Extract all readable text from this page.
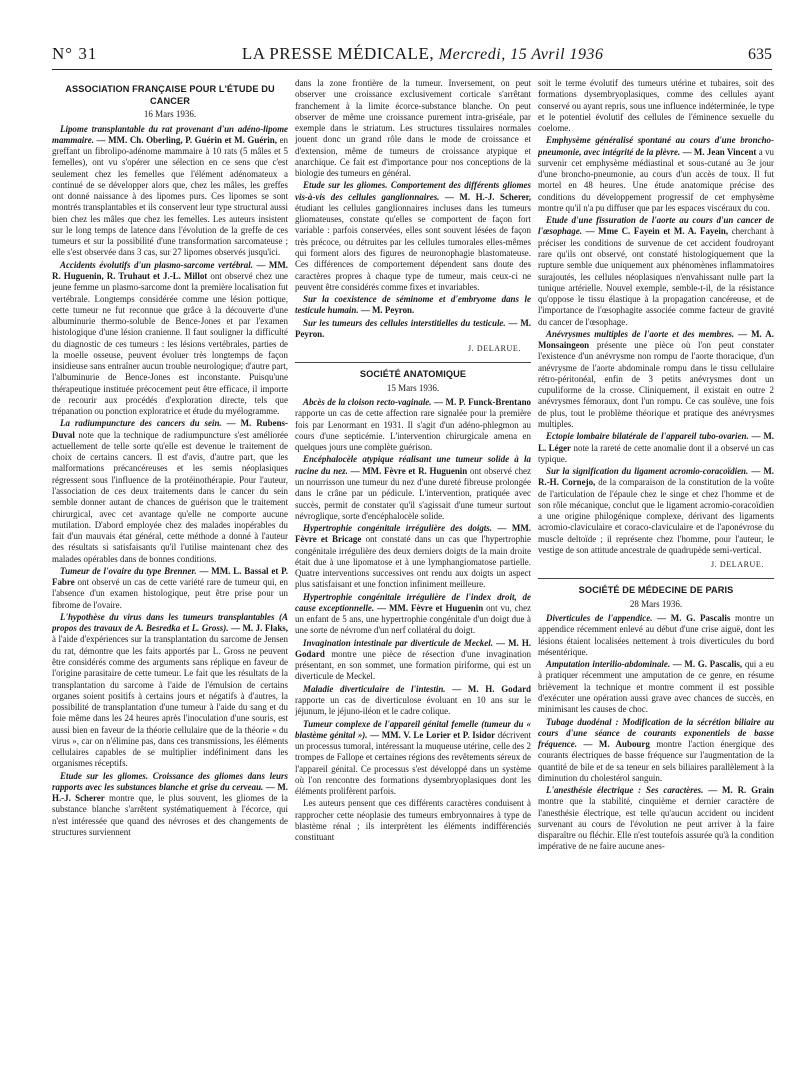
N° 31	LA PRESSE MÉDICALE, Mercredi, 15 Avril 1936	635
ASSOCIATION FRANÇAISE POUR L'ÉTUDE DU CANCER
16 Mars 1936.

Lipome transplantable du rat provenant d'un adéno-lipome mammaire. — MM. Ch. Oberling, P. Guérin et M. Guérin, en greffant un fibrolipo-adénome mammaire à 10 rats (5 mâles et 5 femelles), ont vu s'opérer une sélection en ce sens que c'est seulement chez les femelles que l'élément adénomateux a continué de se développer alors que, chez les mâles, les greffes ont donné naissance à des lipomes purs. Ces lipomes se sont montrés transplantables et ils conservent leur type structural aussi bien chez les mâles que chez les femelles. Les auteurs insistent sur le long temps de latence dans l'évolution de la greffe de ces tumeurs et sur la possibilité d'une transformation sarcomateuse ; elle s'est observée dans 3 cas, sur 27 lipomes observés jusqu'ici.

Accidents évolutifs d'un plasmo-sarcome vertébral. — MM. R. Huguenin, R. Truhaut et J.-L. Millot ont observé chez une jeune femme un plasmo-sarcome dont la première localisation fut vertébrale. Longtemps considérée comme une lésion pottique, cette tumeur ne fut reconnue que grâce à la découverte d'une albuminurie thermo-soluble de Bence-Jones et par l'examen histologique d'une lésion cranienne. Il faut souligner la difficulté du diagnostic de ces tumeurs : les lésions vertébrales, parties de la moelle osseuse, peuvent évoluer très longtemps de façon insidieuse sans entraîner aucun trouble neurologique; d'autre part, l'albuminurie de Bence-Jones est inconstante. Puisqu'une thérapeutique instituée précocement peut être efficace, il importe de recourir aux procédés d'exploration directe, tels que trépanation ou ponction exploratrice et étude du myélogramme.

La radiumpuncture des cancers du sein. — M. Rubens-Duval note que la technique de radiumpuncture s'est améliorée actuellement de telle sorte qu'elle est devenue le traitement de choix de certains cancers. Il est d'avis, d'autre part, que les malformations précancéreuses et les semis néoplasiques régressent sous l'influence de la protéinothérapie. Pour l'auteur, l'association de ces deux traitements dans le cancer du sein semble donner autant de chances de guérison que le traitement chirurgical, avec cet avantage qu'elle ne comporte aucune mutilation. D'abord employée chez des malades inopérables du fait d'un mauvais état général, cette méthode a donné à l'auteur des résultats si satisfaisants qu'il l'utilise maintenant chez des malades opérables dans de bonnes conditions.

Tumeur de l'ovaire du type Brenner. — MM. L. Bassal et P. Fabre ont observé un cas de cette variété rare de tumeur qui, en l'absence d'un examen histologique, peut être prise pour un fibrome de l'ovaire.

L'hypothèse du virus dans les tumeurs transplantables (A propos des travaux de A. Besredka et L. Gross). — M. J. Flaks, à l'aide d'expériences sur la transplantation du sarcome de Jensen du rat, démontre que les faits apportés par L. Gross ne peuvent être considérés comme des arguments sans réplique en faveur de l'origine parasitaire de cette tumeur. Le fait que les résultats de la transplantation du sarcome à l'aide de l'émulsion de certains organes soient positifs à certains jours et négatifs à d'autres, la possibilité de transplantation d'une tumeur à l'aide du sang et du foie même dans les 24 heures après l'inoculation d'une souris, est aussi bien en faveur de la théorie cellulaire que de la théorie « du virus », car on n'élimine pas, dans ces transmissions, les éléments cellulaires capables de se multiplier indéfiniment dans les organismes réceptifs.

Etude sur les gliomes. Croissance des gliomes dans leurs rapports avec les substances blanche et grise du cerveau. — M. H.-J. Scherer montre que, le plus souvent, les gliomes de la substance blanche s'arrêtent systématiquement à l'écorce, qui n'est intéressée que quand des névroses et des changements de structures surviennent

dans la zone frontière de la tumeur. Inversement, on peut observer une croissance exclusivement corticale s'arrêtant franchement à la limite écorce-substance blanche. On peut observer de même une croissance purement intra-griséale, par exemple dans le striatum. Les structures tissulaires normales jouent donc un grand rôle dans le mode de croissance et d'extension, même de tumeurs de croissance atypique et anarchique. Ce fait est d'importance pour nos conceptions de la biologie des tumeurs en général.

Etude sur les gliomes. Comportement des différents gliomes vis-à-vis des cellules ganglionnaires. — M. H.-J. Scherer, étudiant les cellules ganglionnaires incluses dans les tumeurs gliomateuses, constate qu'elles se comportent de façon fort variable : parfois conservées, elles sont souvent lésées de façon très précoce, ou détruites par les cellules tumorales elles-mêmes qui forment alors des figures de neuronophagie blastomateuse. Ces différences de comportement dépendent sans doute des caractères propres à chaque type de tumeur, mais ceux-ci ne peuvent être considérés comme fixes et invariables.

Sur la coexistence de séminome et d'embryome dans le testicule humain. — M. Peyron.

Sur les tumeurs des cellules interstitielles du testicule. — M. Peyron.

J. DELARUE.
SOCIÉTÉ ANATOMIQUE
15 Mars 1936.

Abcès de la cloison recto-vaginale. — M. P. Funck-Brentano rapporte un cas de cette affection rare signalée pour la première fois par Lenormant en 1931. Il s'agit d'un adéno-phlegmon au cours d'une septicémie. L'intervention chirurgicale amena en quelques jours une complète guérison.

Encéphalocèle atypique réalisant une tumeur solide à la racine du nez. — MM. Fèvre et R. Huguenin ont observé chez un nourrisson une tumeur du nez d'une dureté fibreuse prolongée dans le crâne par un pédicule. L'intervention, pratiquée avec succès, permit de constater qu'il s'agissait d'une tumeur surtout névroglique, sorte d'encéphalocèle solide.

Hypertrophie congénitale irrégulière des doigts. — MM. Fèvre et Bricage ont constaté dans un cas que l'hypertrophie congénitale irrégulière des deux derniers doigts de la main droite était due à une lipomatose et à une lymphangiomatose partielle. Quatre interventions successives ont rendu aux doigts un aspect plus satisfaisant et une fonction infiniment meilleure.

Hypertrophie congénitale irrégulière de l'index droit, de cause exceptionnelle. — MM. Fèvre et Huguenin ont vu, chez un enfant de 5 ans, une hypertrophie congénitale d'un doigt due à une sorte de névrome d'un nerf collatéral du doigt.

Invagination intestinale par diverticule de Meckel. — M. H. Godard montre une pièce de résection d'une invagination présentant, en son sommet, une formation piriforme, qui est un diverticule de Meckel.

Maladie diverticulaire de l'intestin. — M. H. Godard rapporte un cas de diverticulose évoluant en 10 ans sur le jéjunum, le jéjuno-iléon et le cadre colique.

Tumeur complexe de l'appareil génital femelle (tumeur du « blastème génital »). — MM. V. Le Lorier et P. Isidor décrivent un processus tumoral, intéressant la muqueuse utérine, celle des 2 trompes de Fallope et certaines régions des revêtements séreux de l'appareil génital. Ce processus s'est développé dans un système où l'on rencontre des formations dysembryoplasiques dont les éléments prolifèrent parfois.

Les auteurs pensent que ces différents caractères conduisent à rapprocher cette néoplasie des tumeurs embryonnaires à type de blastème rénal ; ils interprètent les éléments indifférenciés constituant

soit le terme évolutif des tumeurs utérine et tubaires, soit des formations dysembryoplasiques, comme des cellules ayant conservé ou ayant repris, sous une influence indéterminée, le type et le potentiel évolutif des cellules de l'éminence sexuelle du coelome.

Emphysème généralisé spontané au cours d'une broncho-pneumonie, avec intégrité de la plèvre. — M. Jean Vincent a vu survenir cet emphysème médiastinal et sous-cutané au 3e jour d'une broncho-pneumonie, au cours d'un accès de toux. Il fut mortel en 48 heures. Une étude anatomique précise des conditions du développement progressif de cet emphysème montre qu'il n'a pu diffuser que par les espaces viscéraux du cou.

Etude d'une fissuration de l'aorte au cours d'un cancer de l'œsophage. — Mme C. Fayein et M. A. Fayein, cherchant à préciser les conditions de survenue de cet accident foudroyant rare qu'ils ont observé, ont constaté histologiquement que la rupture semble due uniquement aux phénomènes inflammatoires surajoutés, les cellules néoplasiques n'envahissant nulle part la tunique artérielle. Nouvel exemple, semble-t-il, de la résistance qu'oppose le tissu élastique à la propagation cancéreuse, et de l'importance de l'œsophagite associée comme facteur de gravité du cancer de l'œsophage.

Anévrysmes multiples de l'aorte et des membres. — M. A. Monsaingeon présente une pièce où l'on peut constater l'existence d'un anévrysme non rompu de l'aorte thoracique, d'un anévrysme de l'aorte abdominale rompu dans le tissu cellulaire rétro-péritonéal, enfin de 3 petits anévrysmes dont un cupuliforme de la crosse. Cliniquement, il existait en outre 2 anévrysmes fémoraux, dont l'un rompu. Ce cas soulève, une fois de plus, tout le problème théorique et pratique des anévrysmes multiples.

Ectopie lombaire bilatérale de l'appareil tubo-ovarien. — M. L. Léger note la rareté de cette anomalie dont il a observé un cas typique.

Sur la signification du ligament acromio-coracoïdien. — M. R.-H. Cornejo, de la comparaison de la constitution de la voûte de l'articulation de l'épaule chez le singe et chez l'homme et de son rôle mécanique, conclut que le ligament acromio-coracoïdien a une origine philogénique complexe, dérivant des ligaments acromio-claviculaire et coraco-claviculaire et de l'aponévrose du muscle deltoïde ; il représente chez l'homme, pour l'auteur, le vestige de son attitude ancestrale de quadrupède semi-vertical.

J. DELARUE.
SOCIÉTÉ DE MÉDECINE DE PARIS
28 Mars 1936.

Diverticules de l'appendice. — M. G. Pascalis montre un appendice récemment enlevé au début d'une crise aiguë, dont les lésions étaient localisées nettement à trois diverticules du bord mésentérique.

Amputation interilio-abdominale. — M. G. Pascalis, qui a eu à pratiquer récemment une amputation de ce genre, en résume brièvement la technique et montre comment il est possible d'exécuter une opération aussi grave avec chances de succès, en minimisant les causes de choc.

Tubage duodénal : Modification de la sécrétion biliaire au cours d'une séance de courants exponentiels de basse fréquence. — M. Aubourg montre l'action énergique des courants électriques de basse fréquence sur l'augmentation de la quantité de bile et de sa teneur en sels biliaires parallèlement à la diminution du cholestérol sanguin.

L'anesthésie électrique : Ses caractères. — M. R. Grain montre que la stabilité, cinquième et dernier caractère de l'anesthésie électrique, est telle qu'aucun accident ou incident survenant au cours de l'évolution ne peut arriver à la faire disparaître ou fléchir. Elle n'est toutefois assurée qu'à la condition impérative de ne faire aucune anes-
